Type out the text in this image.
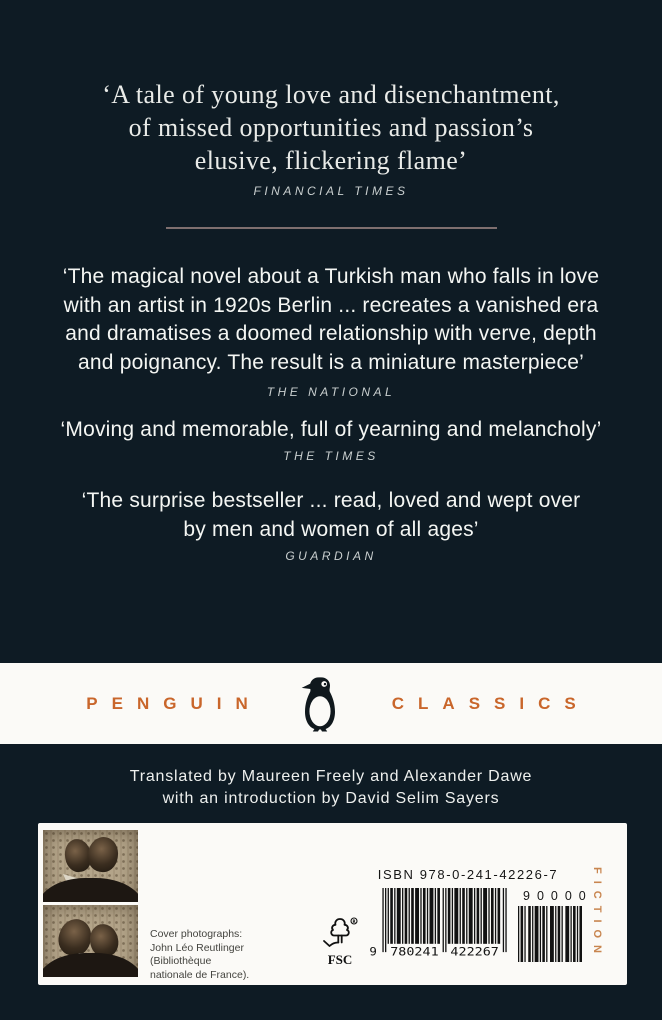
‘A tale of young love and disenchantment,

of missed opportunities and passion’s

elusive, flickering flame’

FINANCIAL TIMES

‘The magical novel about a Turkish man who falls in love

with an artist in 1920s Berlin ... recreates a vanished era

and dramatises a doomed relationship with verve, depth

and poignancy. The result is a miniature masterpiece’

THE NATIONAL

‘Moving and memorable, full of yearning and melancholy’

THE TIMES

‘The surprise bestseller ... read, loved and wept over

by men and women of all ages’

GUARDIAN
PENGUIN	CLASSICS

Translated by Maureen Freely and Alexander Dawe

with an introduction by David Selim Sayers

Cover photographs:

John Léo Reutlinger

(Bibliothèque

nationale de France).

R
FSC
ISBN 978-0-241-42226-7
9 780241 422267
90000
FICTION
